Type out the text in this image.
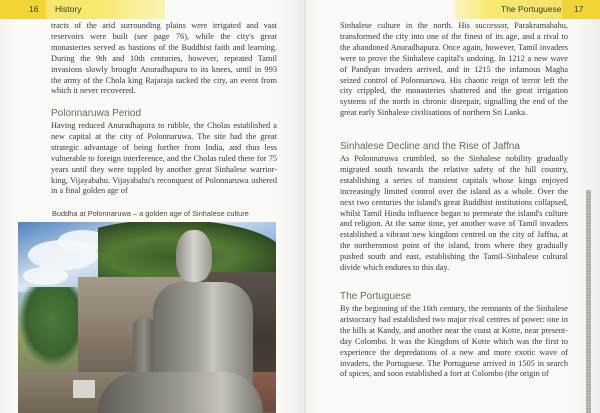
16 History	The Portuguese 17

tracts of the arid surrounding plains were irrigated and vast reservoirs were built (see page 76), while the city's great monasteries served as bastions of the Buddhist faith and learning. During the 9th and 10th centuries, however, repeated Tamil invasions slowly brought Anuradhapura to its knees, until in 993 the army of the Chola king Rajaraja sacked the city, an event from which it never recovered.

Polonnaruwa Period

Having reduced Anuradhapura to rubble, the Cholas established a new capital at the city of Polonnaruwa. The site had the great strategic advantage of being further from India, and thus less vulnerable to foreign interference, and the Cholas ruled there for 75 years until they were toppled by another great Sinhalese warrior-king, Vijayabahu. Vijayabahu's reconquest of Polonnaruwa ushered in a final golden age of

Buddha at Polonnaruwa – a golden age of Sinhalese culture

Sinhalese culture in the north. His successor, Parakramabahu, transformed the city into one of the finest of its age, and a rival to the abandoned Anuradhapura. Once again, however, Tamil invaders were to prove the Sinhalese capital's undoing. In 1212 a new wave of Pandyan invaders arrived, and in 1215 the infamous Magha seized control of Polonnaruwa. His chaotic reign of terror left the city crippled, the monasteries shattered and the great irrigation systems of the north in chronic disrepair, signalling the end of the great early Sinhalese civilisations of northern Sri Lanka.

Sinhalese Decline and the Rise of Jaffna

As Polonnaruwa crumbled, so the Sinhalese nobility gradually migrated south towards the relative safety of the hill country, establishing a series of transient capitals whose kings enjoyed increasingly limited control over the island as a whole. Over the next two centuries the island's great Buddhist institutions collapsed, whilst Tamil Hindu influence began to permeate the island's culture and religion. At the same time, yet another wave of Tamil invaders established a vibrant new kingdom centred on the city of Jaffna, at the northernmost point of the island, from where they gradually pushed south and east, establishing the Tamil–Sinhalese cultural divide which endures to this day.

The Portuguese

By the beginning of the 16th century, the remnants of the Sinhalese aristocracy had established two major rival centres of power: one in the hills at Kandy, and another near the coast at Kotte, near present-day Colombo. It was the Kingdom of Kotte which was the first to experience the depredations of a new and more exotic wave of invaders, the Portuguese. The Portuguese arrived in 1505 in search of spices, and soon established a fort at Colombo (the origin of
